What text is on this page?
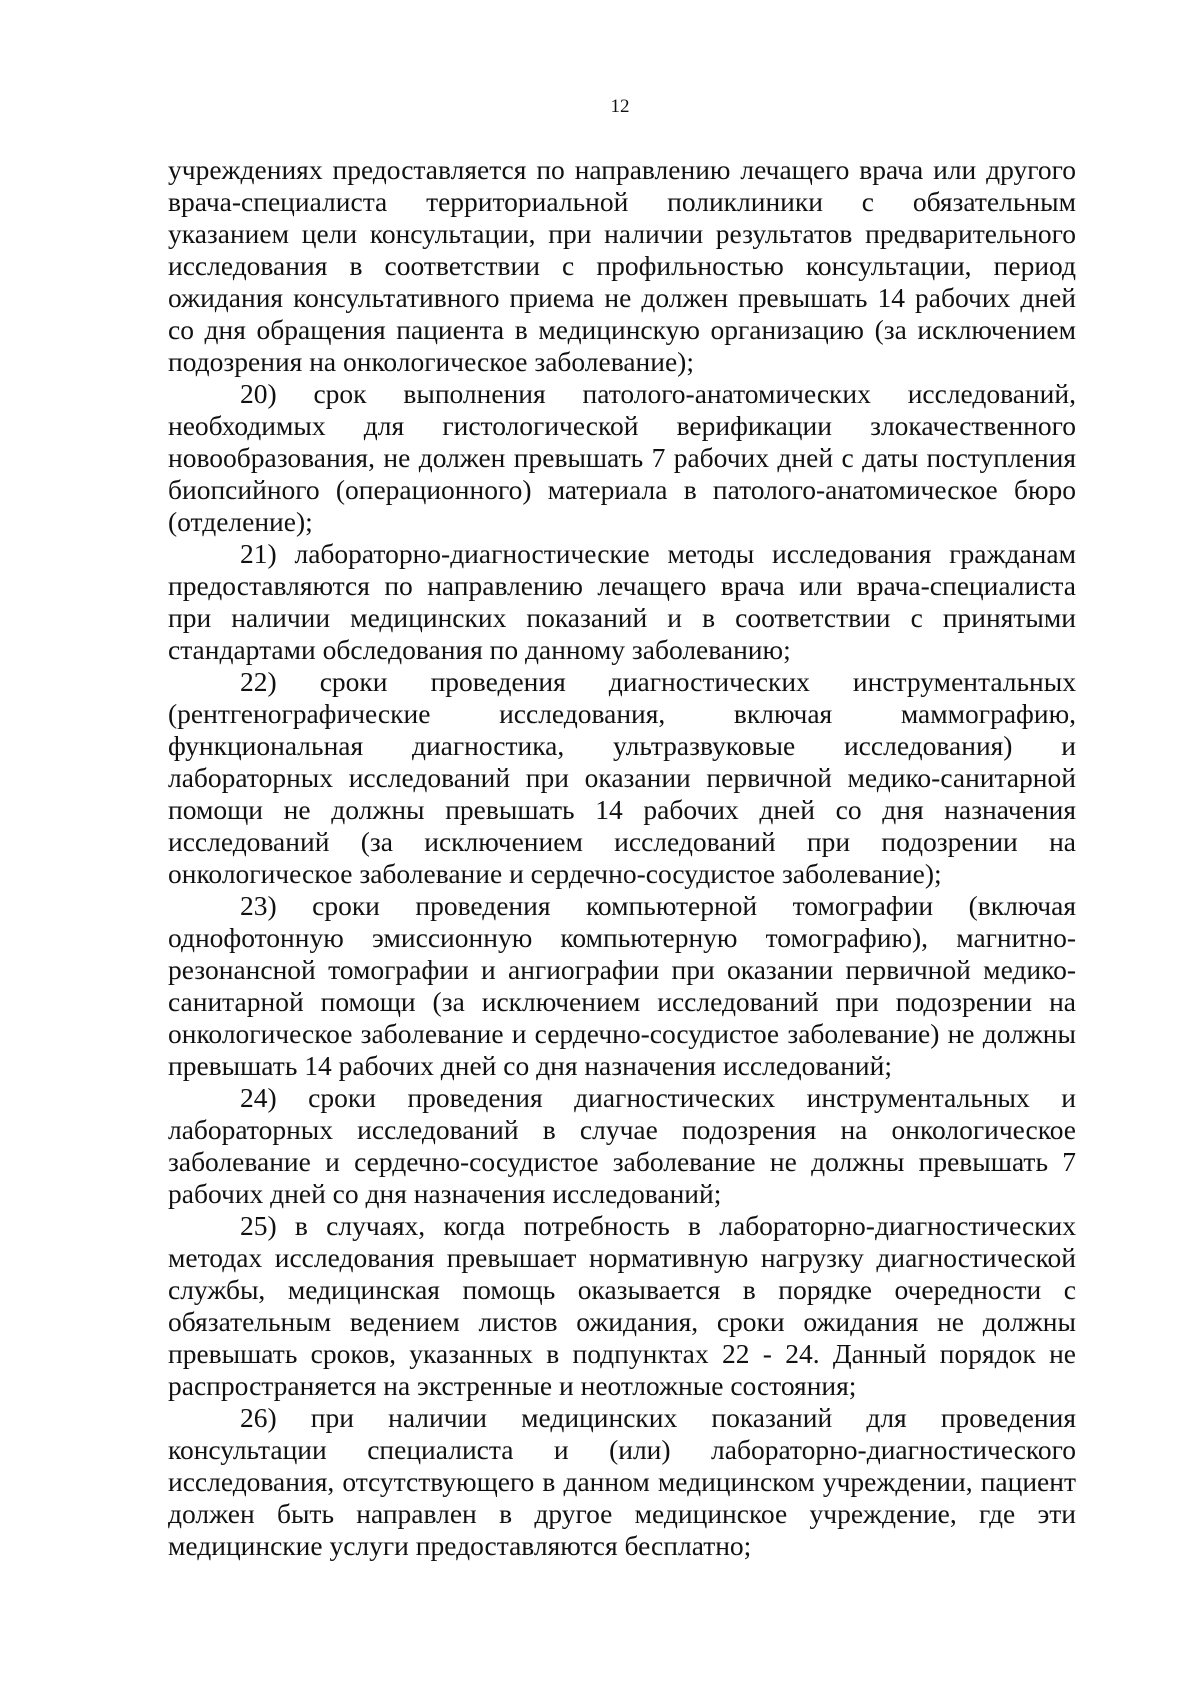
12

учреждениях предоставляется по направлению лечащего врача или другого врача-специалиста территориальной поликлиники с обязательным указанием цели консультации, при наличии результатов предварительного исследования в соответствии с профильностью консультации, период ожидания консультативного приема не должен превышать 14 рабочих дней со дня обращения пациента в медицинскую организацию (за исключением подозрения на онкологическое заболевание);

20) срок выполнения патолого-анатомических исследований, необходимых для гистологической верификации злокачественного новообразования, не должен превышать 7 рабочих дней с даты поступления биопсийного (операционного) материала в патолого-анатомическое бюро (отделение);

21) лабораторно-диагностические методы исследования гражданам предоставляются по направлению лечащего врача или врача-специалиста при наличии медицинских показаний и в соответствии с принятыми стандартами обследования по данному заболеванию;

22) сроки проведения диагностических инструментальных (рентгенографические исследования, включая маммографию, функциональная диагностика, ультразвуковые исследования) и лабораторных исследований при оказании первичной медико-санитарной помощи не должны превышать 14 рабочих дней со дня назначения исследований (за исключением исследований при подозрении на онкологическое заболевание и сердечно-сосудистое заболевание);

23) сроки проведения компьютерной томографии (включая однофотонную эмиссионную компьютерную томографию), магнитно-резонансной томографии и ангиографии при оказании первичной медико-санитарной помощи (за исключением исследований при подозрении на онкологическое заболевание и сердечно-сосудистое заболевание) не должны превышать 14 рабочих дней со дня назначения исследований;

24) сроки проведения диагностических инструментальных и лабораторных исследований в случае подозрения на онкологическое заболевание и сердечно-сосудистое заболевание не должны превышать 7 рабочих дней со дня назначения исследований;

25) в случаях, когда потребность в лабораторно-диагностических методах исследования превышает нормативную нагрузку диагностической службы, медицинская помощь оказывается в порядке очередности с обязательным ведением листов ожидания, сроки ожидания не должны превышать сроков, указанных в подпунктах 22 - 24. Данный порядок не распространяется на экстренные и неотложные состояния;

26) при наличии медицинских показаний для проведения консультации специалиста и (или) лабораторно-диагностического исследования, отсутствующего в данном медицинском учреждении, пациент должен быть направлен в другое медицинское учреждение, где эти медицинские услуги предоставляются бесплатно;
